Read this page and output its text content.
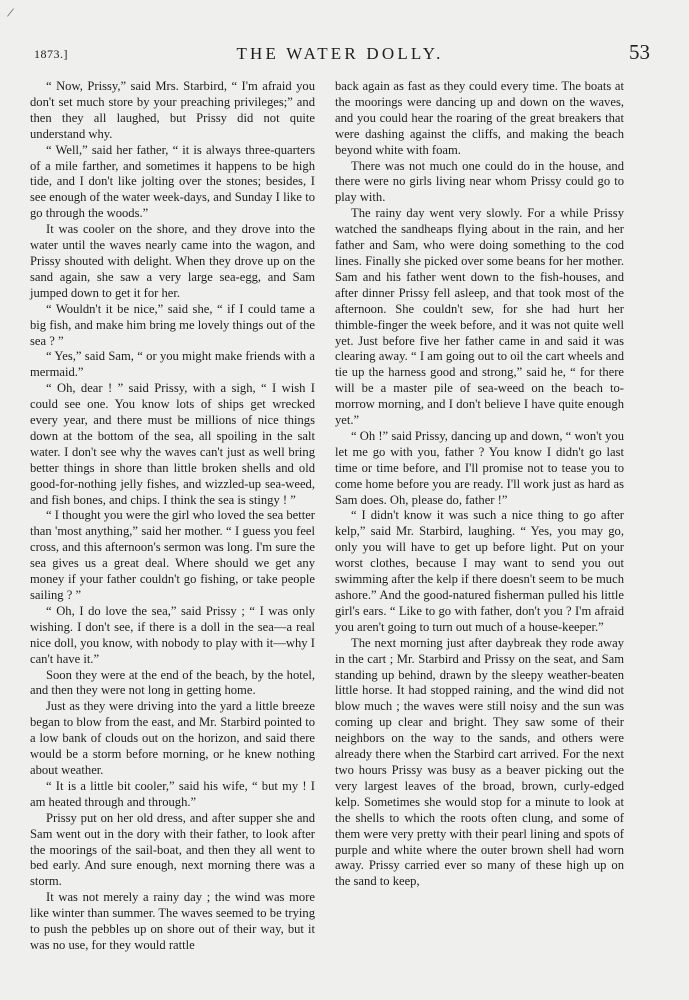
/
1873.]	THE WATER DOLLY.	53

“ Now, Prissy,” said Mrs. Starbird, “ I'm afraid you don't set much store by your preaching privileges;” and then they all laughed, but Prissy did not quite understand why.

“ Well,” said her father, “ it is always three-quarters of a mile farther, and sometimes it happens to be high tide, and I don't like jolting over the stones; besides, I see enough of the water week-days, and Sunday I like to go through the woods.”

It was cooler on the shore, and they drove into the water until the waves nearly came into the wagon, and Prissy shouted with delight. When they drove up on the sand again, she saw a very large sea-egg, and Sam jumped down to get it for her.

“ Wouldn't it be nice,” said she, “ if I could tame a big fish, and make him bring me lovely things out of the sea ? ”

“ Yes,” said Sam, “ or you might make friends with a mermaid.”

“ Oh, dear ! ” said Prissy, with a sigh, “ I wish I could see one. You know lots of ships get wrecked every year, and there must be millions of nice things down at the bottom of the sea, all spoiling in the salt water. I don't see why the waves can't just as well bring better things in shore than little broken shells and old good-for-nothing jelly fishes, and wizzled-up sea-weed, and fish bones, and chips. I think the sea is stingy ! ”

“ I thought you were the girl who loved the sea better than 'most anything,” said her mother. “ I guess you feel cross, and this afternoon's sermon was long. I'm sure the sea gives us a great deal. Where should we get any money if your father couldn't go fishing, or take people sailing ? ”

“ Oh, I do love the sea,” said Prissy ; “ I was only wishing. I don't see, if there is a doll in the sea—a real nice doll, you know, with nobody to play with it—why I can't have it.”

Soon they were at the end of the beach, by the hotel, and then they were not long in getting home.

Just as they were driving into the yard a little breeze began to blow from the east, and Mr. Starbird pointed to a low bank of clouds out on the horizon, and said there would be a storm before morning, or he knew nothing about weather.

“ It is a little bit cooler,” said his wife, “ but my ! I am heated through and through.”

Prissy put on her old dress, and after supper she and Sam went out in the dory with their father, to look after the moorings of the sail-boat, and then they all went to bed early. And sure enough, next morning there was a storm.

It was not merely a rainy day ; the wind was more like winter than summer. The waves seemed to be trying to push the pebbles up on shore out of their way, but it was no use, for they would rattle

back again as fast as they could every time. The boats at the moorings were dancing up and down on the waves, and you could hear the roaring of the great breakers that were dashing against the cliffs, and making the beach beyond white with foam.

There was not much one could do in the house, and there were no girls living near whom Prissy could go to play with.

The rainy day went very slowly. For a while Prissy watched the sandheaps flying about in the rain, and her father and Sam, who were doing something to the cod lines. Finally she picked over some beans for her mother. Sam and his father went down to the fish-houses, and after dinner Prissy fell asleep, and that took most of the afternoon. She couldn't sew, for she had hurt her thimble-finger the week before, and it was not quite well yet. Just before five her father came in and said it was clearing away. “ I am going out to oil the cart wheels and tie up the harness good and strong,” said he, “ for there will be a master pile of sea-weed on the beach to-morrow morning, and I don't believe I have quite enough yet.”

“ Oh !” said Prissy, dancing up and down, “ won't you let me go with you, father ? You know I didn't go last time or time before, and I'll promise not to tease you to come home before you are ready. I'll work just as hard as Sam does. Oh, please do, father !”

“ I didn't know it was such a nice thing to go after kelp,” said Mr. Starbird, laughing. “ Yes, you may go, only you will have to get up before light. Put on your worst clothes, because I may want to send you out swimming after the kelp if there doesn't seem to be much ashore.” And the good-natured fisherman pulled his little girl's ears. “ Like to go with father, don't you ? I'm afraid you aren't going to turn out much of a house-keeper.”

The next morning just after daybreak they rode away in the cart ; Mr. Starbird and Prissy on the seat, and Sam standing up behind, drawn by the sleepy weather-beaten little horse. It had stopped raining, and the wind did not blow much ; the waves were still noisy and the sun was coming up clear and bright. They saw some of their neighbors on the way to the sands, and others were already there when the Starbird cart arrived. For the next two hours Prissy was busy as a beaver picking out the very largest leaves of the broad, brown, curly-edged kelp. Sometimes she would stop for a minute to look at the shells to which the roots often clung, and some of them were very pretty with their pearl lining and spots of purple and white where the outer brown shell had worn away. Prissy carried ever so many of these high up on the sand to keep,
